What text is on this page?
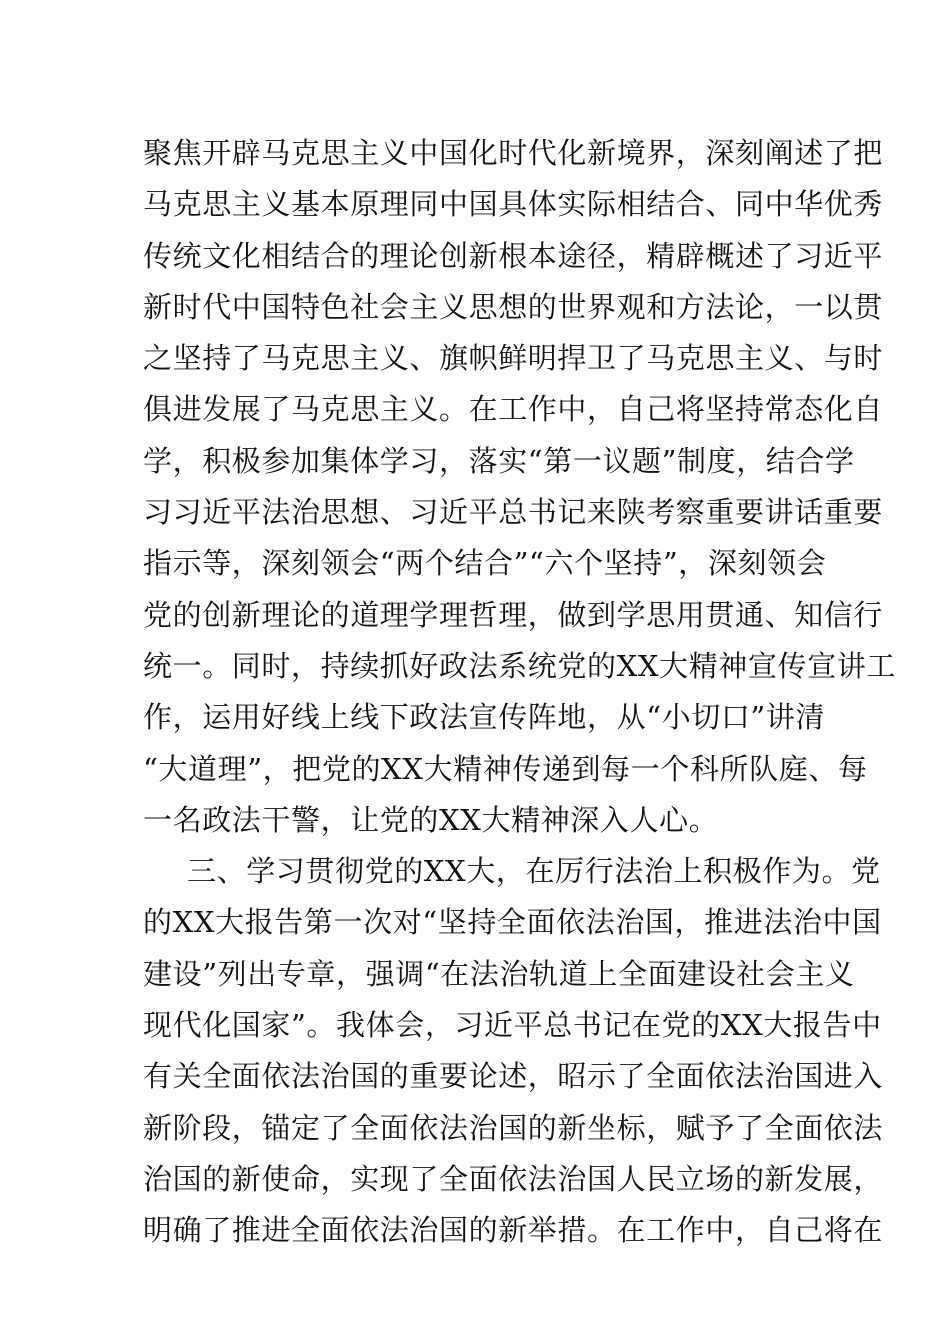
聚焦开辟马克思主义中国化时代化新境界，深刻阐述了把
马克思主义基本原理同中国具体实际相结合、同中华优秀
传统文化相结合的理论创新根本途径，精辟概述了习近平
新时代中国特色社会主义思想的世界观和方法论，一以贯
之坚持了马克思主义、旗帜鲜明捍卫了马克思主义、与时
俱进发展了马克思主义。在工作中，自己将坚持常态化自
学，积极参加集体学习，落实“第一议题”制度，结合学
习习近平法治思想、习近平总书记来陕考察重要讲话重要
指示等，深刻领会“两个结合”“六个坚持”，深刻领会
党的创新理论的道理学理哲理，做到学思用贯通、知信行
统一。同时，持续抓好政法系统党的XX大精神宣传宣讲工
作，运用好线上线下政法宣传阵地，从“小切口”讲清
“大道理”，把党的XX大精神传递到每一个科所队庭、每
一名政法干警，让党的XX大精神深入人心。
三、学习贯彻党的XX大，在厉行法治上积极作为。党
的XX大报告第一次对“坚持全面依法治国，推进法治中国
建设”列出专章，强调“在法治轨道上全面建设社会主义
现代化国家”。我体会，习近平总书记在党的XX大报告中
有关全面依法治国的重要论述，昭示了全面依法治国进入
新阶段，锚定了全面依法治国的新坐标，赋予了全面依法
治国的新使命，实现了全面依法治国人民立场的新发展，
明确了推进全面依法治国的新举措。在工作中，自己将在
